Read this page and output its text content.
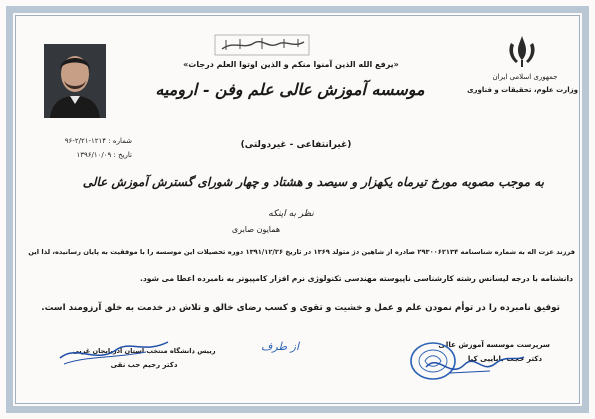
جمهوری اسلامی ایران
وزارت علوم، تحقیقات و فناوری
«یرفع الله الذین آمنوا منکم و الذین اوتوا العلم درجات»
موسسه آموزش عالی علم وفن - ارومیه
شماره : ۱۲۱۴-۲/۲۱-۹۶
تاریخ : ۱۳۹۶/۱۰/۰۹
(غیرانتفاعی - غیردولتی)
به موجب مصوبه مورخ تیرماه یکهزار و سیصد و هشتاد و چهار شورای گسترش آموزش عالی
نظر به اینکه
همایون صابری
فرزند عزت اله به شماره شناسنامه ۲۹۳۰۰۶۲۱۳۴ صادره از شاهین دژ متولد ۱۳۶۹ در تاریخ ۱۳۹۱/۱۲/۲۶ دوره تحصیلات این موسسه را با موفقیت به پایان رسانیده، لذا این
دانشنامه با درجه لیسانس رشته کارشناسی ناپیوسته مهندسی تکنولوژی نرم افزار کامپیوتر به نامبرده اعطا می شود.
توفیق نامبرده را در توأم نمودن علم و عمل و خشیت و تقوی و کسب رضای خالق و تلاش در خدمت به خلق آرزومند است.
سرپرست موسسه آموزش عالی
دکتر حجت باباییی کیا
از طرف
رییس دانشگاه منتخب استان آذربایجان غربی
دکتر رحیم حب نقی
